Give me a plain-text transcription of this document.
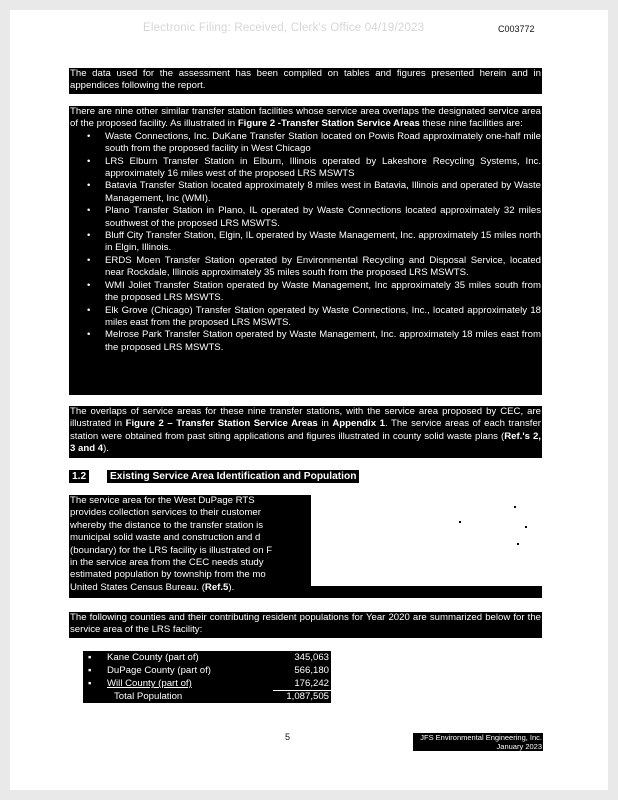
Electronic Filing: Received, Clerk's Office 04/19/2023	C003772

The data used for the assessment has been compiled on tables and figures presented herein and in appendices following the report.

There are nine other similar transfer station facilities whose service area overlaps the designated service area of the proposed facility. As illustrated in Figure 2 -Transfer Station Service Areas these nine facilities are:

• Waste Connections, Inc. DuKane Transfer Station located on Powis Road approximately one-half mile south from the proposed facility in West Chicago
• LRS Elburn Transfer Station in Elburn, Illinois operated by Lakeshore Recycling Systems, Inc. approximately 16 miles west of the proposed LRS MSWTS
• Batavia Transfer Station located approximately 8 miles west in Batavia, Illinois and operated by Waste Management, Inc (WMI).
• Plano Transfer Station in Plano, IL operated by Waste Connections located approximately 32 miles southwest of the proposed LRS MSWTS.
• Bluff City Transfer Station, Elgin, IL operated by Waste Management, Inc. approximately 15 miles north in Elgin, Illinois.
• ERDS Moen Transfer Station operated by Environmental Recycling and Disposal Service, located near Rockdale, Illinois approximately 35 miles south from the proposed LRS MSWTS.
• WMI Joliet Transfer Station operated by Waste Management, Inc approximately 35 miles south from the proposed LRS MSWTS.
• Elk Grove (Chicago) Transfer Station operated by Waste Connections, Inc., located approximately 18 miles east from the proposed LRS MSWTS.
• Melrose Park Transfer Station operated by Waste Management, Inc. approximately 18 miles east from the proposed LRS MSWTS.

The overlaps of service areas for these nine transfer stations, with the service area proposed by CEC, are illustrated in Figure 2 – Transfer Station Service Areas in Appendix 1. The service areas of each transfer station were obtained from past siting applications and figures illustrated in county solid waste plans (Ref.'s 2, 3 and 4).

1.2 Existing Service Area Identification and Population

The service area for the West DuPage RTS

provides collection services to their customer

whereby the distance to the transfer station is

municipal solid waste and construction and d

(boundary) for the LRS facility is illustrated on F

in the service area from the CEC needs study

estimated population by township from the mo

United States Census Bureau. (Ref.5).

The following counties and their contributing resident populations for Year 2020 are summarized below for the service area of the LRS facility:

▪ Kane County (part of)	345,063
▪ DuPage County (part of)	566,180
▪ Will County (part of)	176,242
Total Population	1,087,505
5	JFS Environmental Engineering, Inc.
January 2023
